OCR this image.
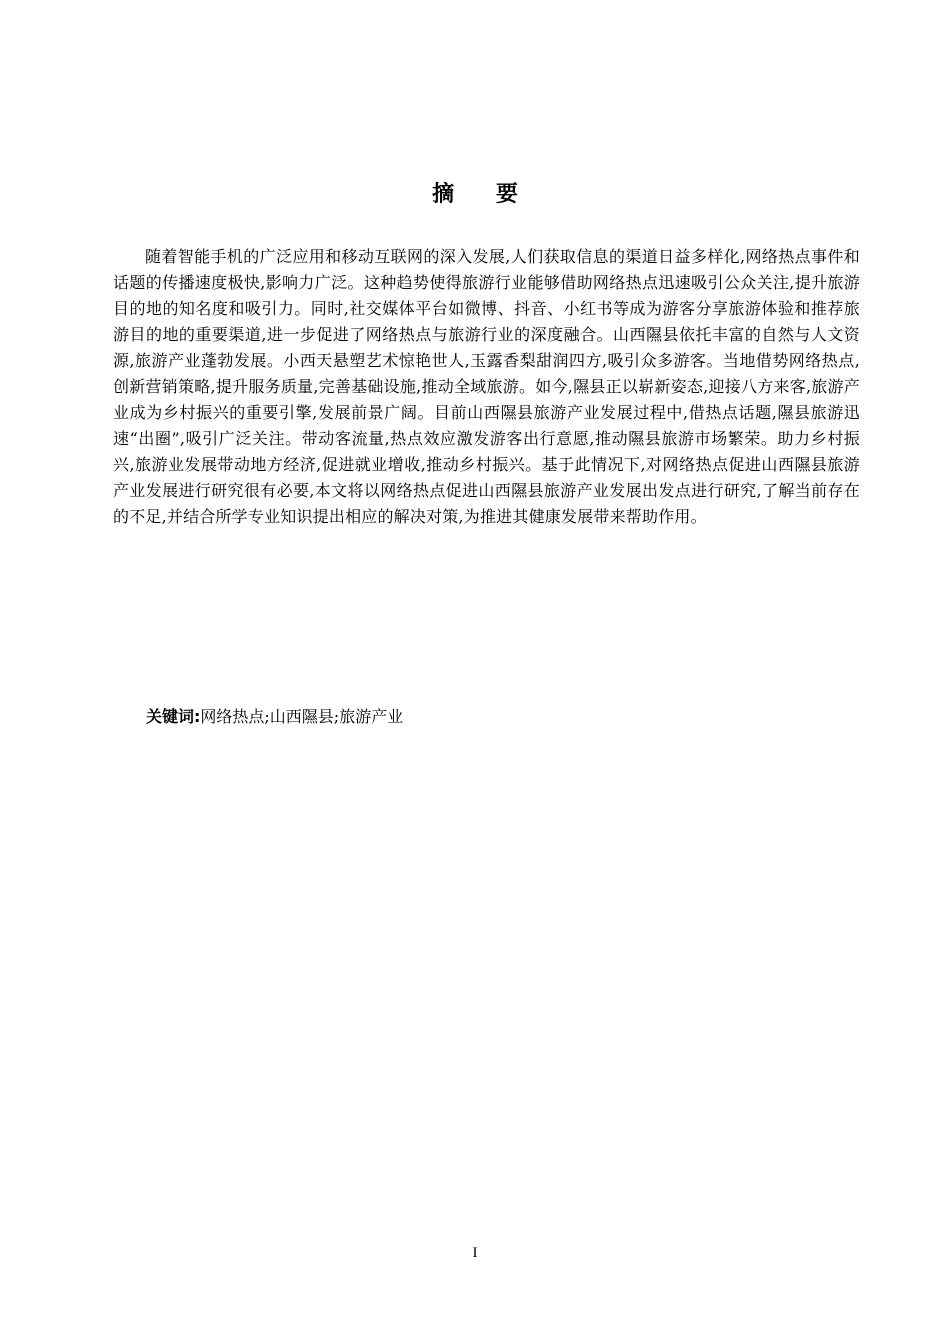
摘要

随着智能手机的广泛应用和移动互联网的深入发展,人们获取信息的渠道日益多样化,网络热点事件和话题的传播速度极快,影响力广泛。这种趋势使得旅游行业能够借助网络热点迅速吸引公众关注,提升旅游目的地的知名度和吸引力。同时,社交媒体平台如微博、抖音、小红书等成为游客分享旅游体验和推荐旅游目的地的重要渠道,进一步促进了网络热点与旅游行业的深度融合。山西隰县依托丰富的自然与人文资源,旅游产业蓬勃发展。小西天悬塑艺术惊艳世人,玉露香梨甜润四方,吸引众多游客。当地借势网络热点,创新营销策略,提升服务质量,完善基础设施,推动全域旅游。如今,隰县正以崭新姿态,迎接八方来客,旅游产业成为乡村振兴的重要引擎,发展前景广阔。目前山西隰县旅游产业发展过程中,借热点话题,隰县旅游迅速“出圈”,吸引广泛关注。带动客流量,热点效应激发游客出行意愿,推动隰县旅游市场繁荣。助力乡村振兴,旅游业发展带动地方经济,促进就业增收,推动乡村振兴。基于此情况下,对网络热点促进山西隰县旅游产业发展进行研究很有必要,本文将以网络热点促进山西隰县旅游产业发展出发点进行研究,了解当前存在的不足,并结合所学专业知识提出相应的解决对策,为推进其健康发展带来帮助作用。

关键词:网络热点;山西隰县;旅游产业
I
